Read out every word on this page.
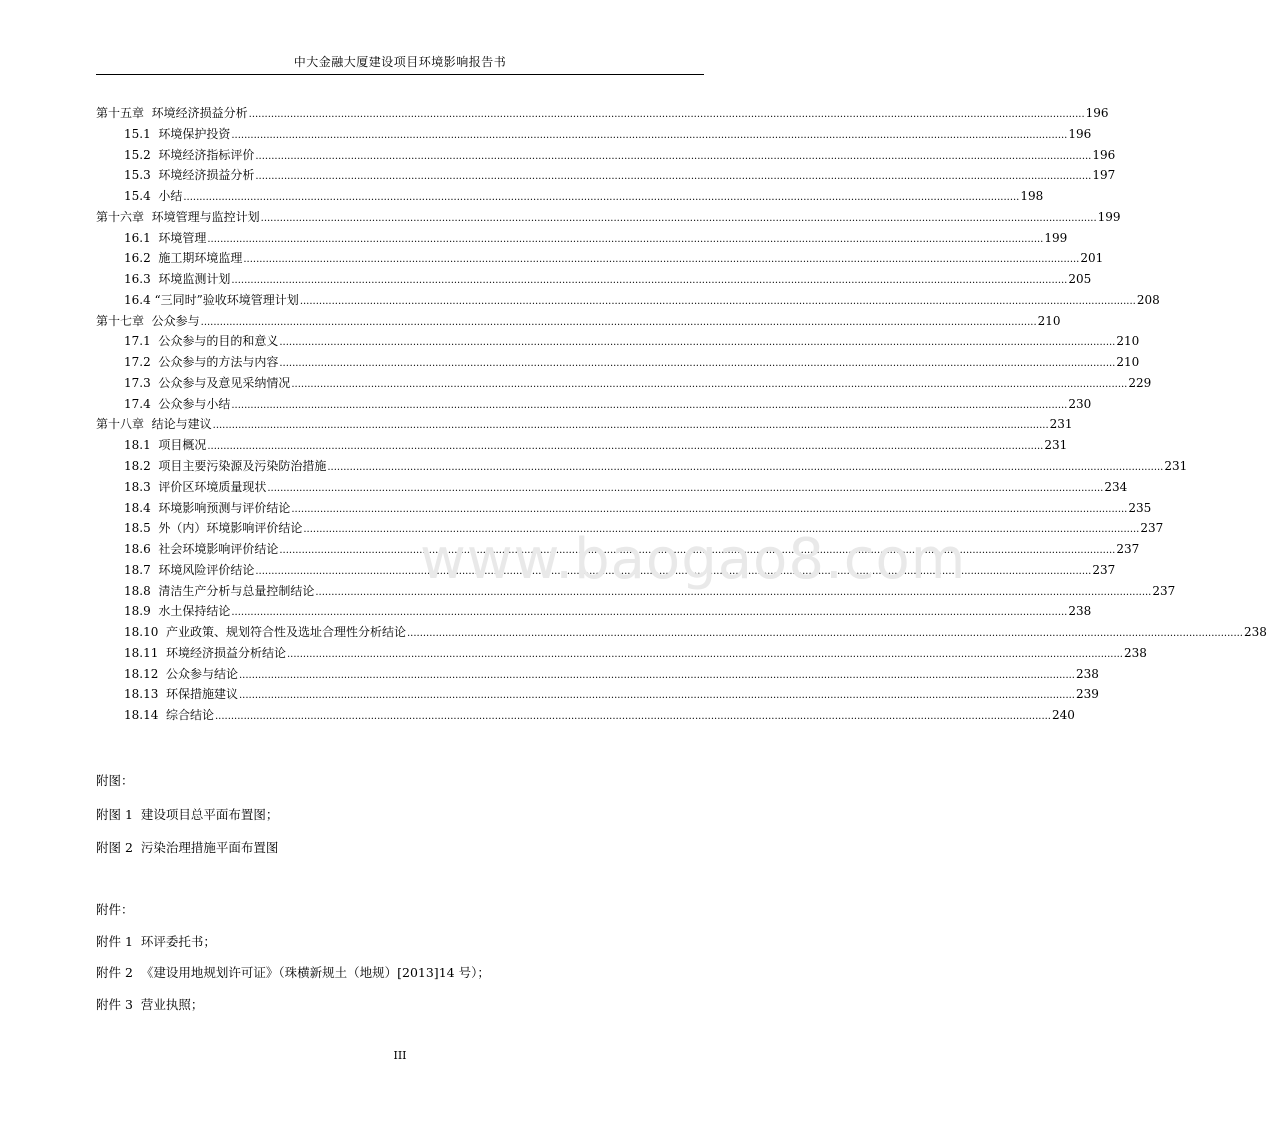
中大金融大厦建设项目环境影响报告书
第十五章  环境经济损益分析 .....	196
15.1  环境保护投资 .....	196
15.2  环境经济指标评价 .....	196
15.3  环境经济损益分析 .....	197
15.4  小结 .....	198
第十六章  环境管理与监控计划 .....	199
16.1  环境管理 .....	199
16.2  施工期环境监理 .....	201
16.3  环境监测计划 .....	205
16.4 “三同时”验收环境管理计划 .....	208
第十七章  公众参与 .....	210
17.1  公众参与的目的和意义 .....	210
17.2  公众参与的方法与内容 .....	210
17.3  公众参与及意见采纳情况 .....	229
17.4  公众参与小结 .....	230
第十八章  结论与建议 .....	231
18.1  项目概况 .....	231
18.2  项目主要污染源及污染防治措施 .....	231
18.3  评价区环境质量现状 .....	234
18.4  环境影响预测与评价结论 .....	235
18.5  外（内）环境影响评价结论 .....	237
18.6  社会环境影响评价结论 .....	237
18.7  环境风险评价结论 .....	237
18.8  清洁生产分析与总量控制结论 .....	237
18.9  水土保持结论 .....	238
18.10  产业政策、规划符合性及选址合理性分析结论 .....	238
18.11  环境经济损益分析结论 .....	238
18.12  公众参与结论 .....	238
18.13  环保措施建议 .....	239
18.14  综合结论 .....	240
www.baogao8.com
附图：
附图 1  建设项目总平面布置图；
附图 2  污染治理措施平面布置图
附件：
附件 1  环评委托书；
附件 2  《建设用地规划许可证》（珠横新规土（地规）[2013]14 号）；
附件 3  营业执照；
III
